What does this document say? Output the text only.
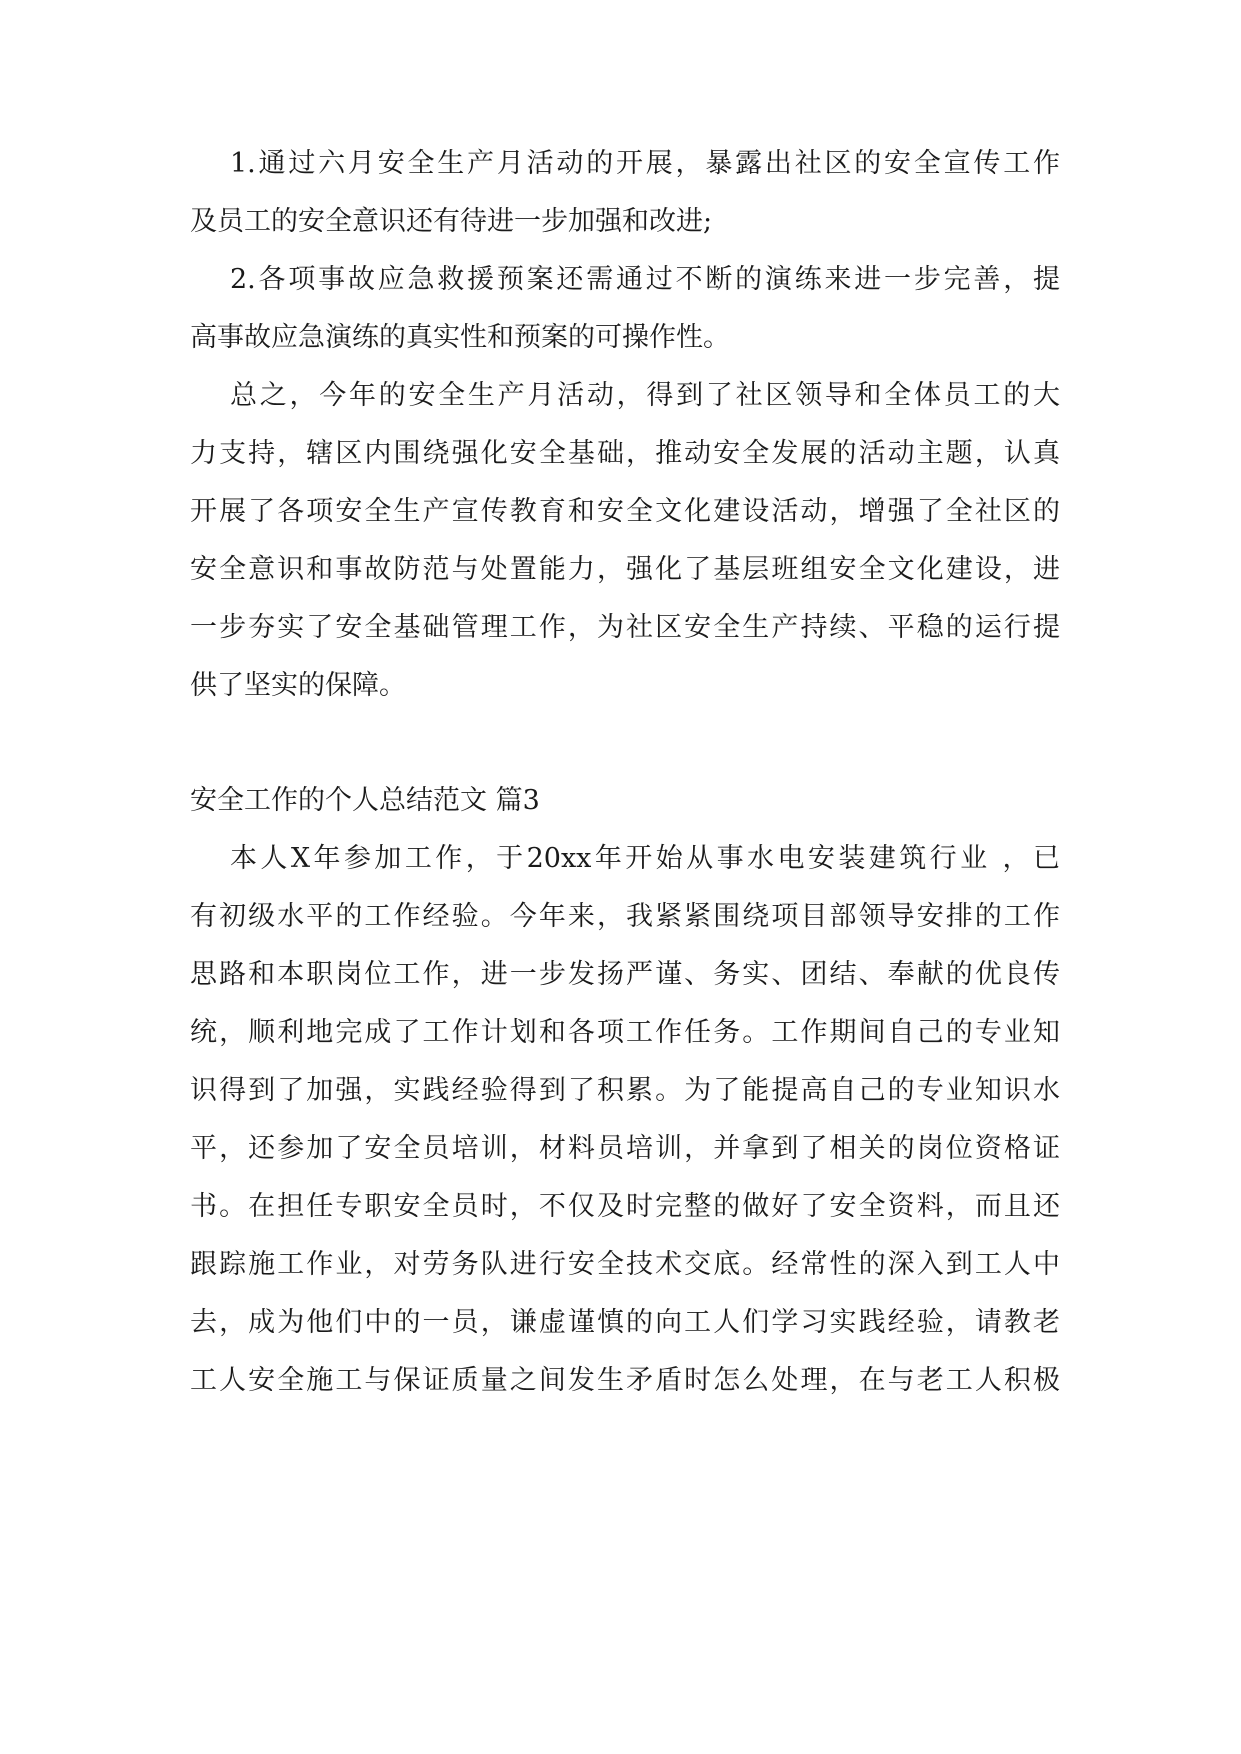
1.通过六月安全生产月活动的开展，暴露出社区的安全宣传工作
及员工的安全意识还有待进一步加强和改进;
2.各项事故应急救援预案还需通过不断的演练来进一步完善，提
高事故应急演练的真实性和预案的可操作性。
总之，今年的安全生产月活动，得到了社区领导和全体员工的大
力支持，辖区内围绕强化安全基础，推动安全发展的活动主题，认真
开展了各项安全生产宣传教育和安全文化建设活动，增强了全社区的
安全意识和事故防范与处置能力，强化了基层班组安全文化建设，进
一步夯实了安全基础管理工作，为社区安全生产持续、平稳的运行提
供了坚实的保障。
安全工作的个人总结范文 篇3
本人X年参加工作，于20xx年开始从事水电安装建筑行业 ，已
有初级水平的工作经验。今年来，我紧紧围绕项目部领导安排的工作
思路和本职岗位工作，进一步发扬严谨、务实、团结、奉献的优良传
统，顺利地完成了工作计划和各项工作任务。工作期间自己的专业知
识得到了加强，实践经验得到了积累。为了能提高自己的专业知识水
平，还参加了安全员培训，材料员培训，并拿到了相关的岗位资格证
书。在担任专职安全员时，不仅及时完整的做好了安全资料，而且还
跟踪施工作业，对劳务队进行安全技术交底。经常性的深入到工人中
去，成为他们中的一员，谦虚谨慎的向工人们学习实践经验，请教老
工人安全施工与保证质量之间发生矛盾时怎么处理，在与老工人积极
